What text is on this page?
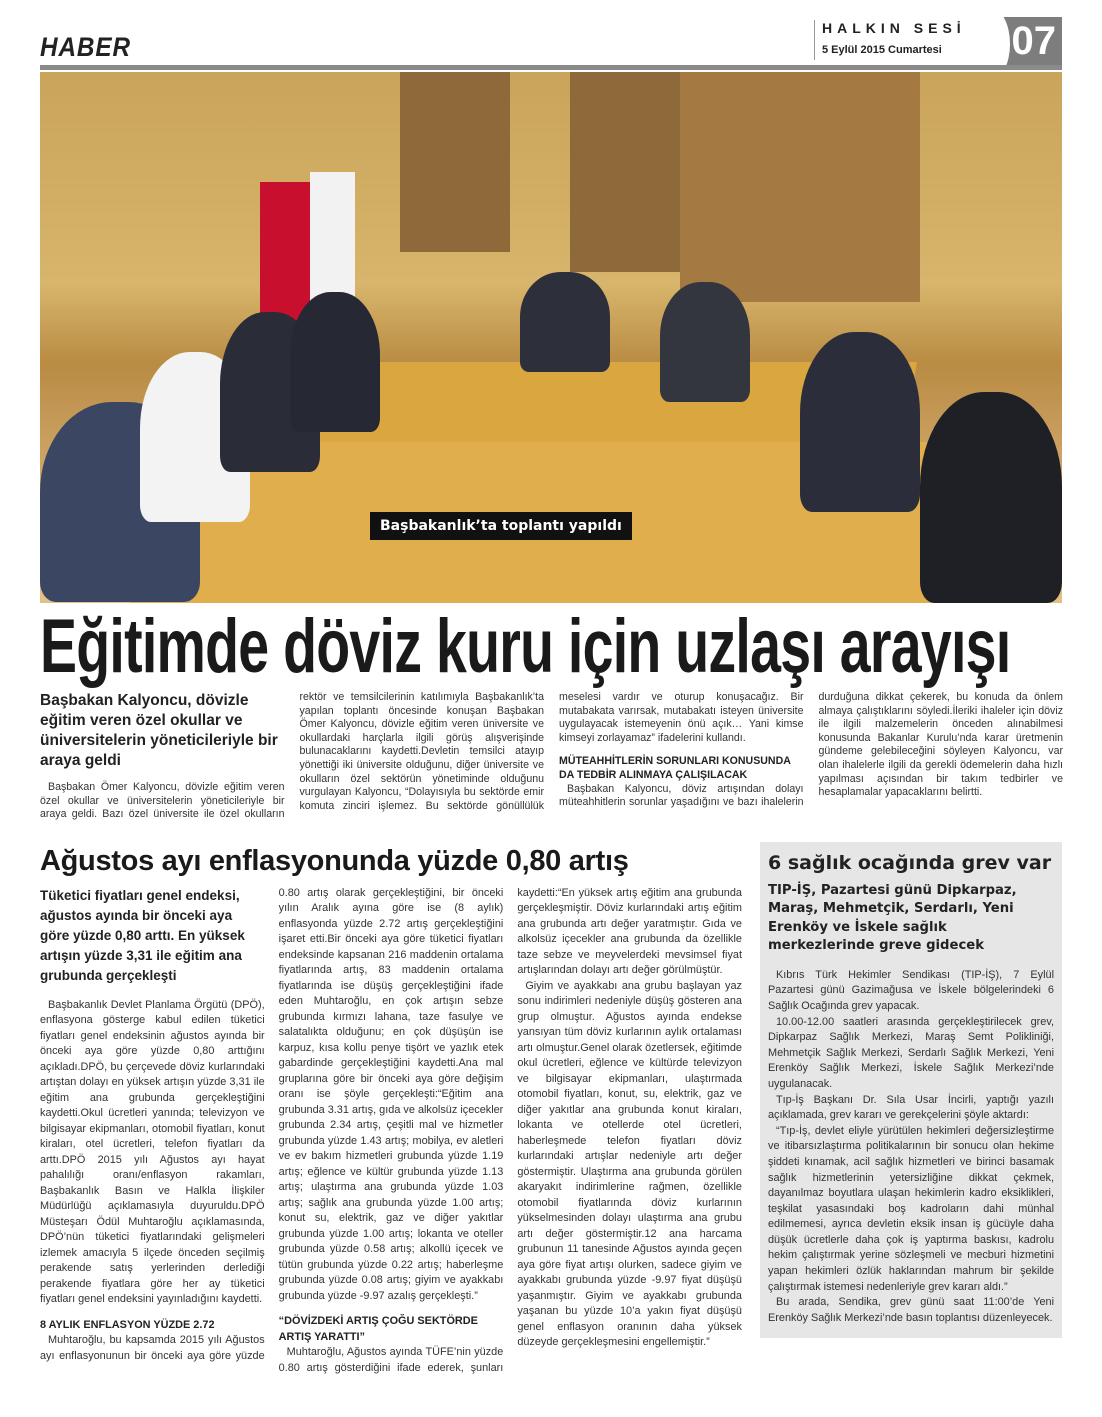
HABER
HALKIN SESİ
5 Eylül 2015 Cumartesi 07
Başbakanlık’ta toplantı yapıldı
Eğitimde döviz kuru için uzlaşı arayışı
Başbakan Kalyoncu, dövizle eğitim veren özel okullar ve üniversitelerin yöneticileriyle bir araya geldi

Başbakan Ömer Kalyoncu, dövizle eğitim veren özel okullar ve üniversitelerin yöneticileriyle bir araya geldi. Bazı özel üniversite ile özel okulların rektör ve temsilcilerinin katılımıyla Başbakanlık’ta yapılan toplantı öncesinde konuşan Başbakan Ömer Kalyoncu, dövizle eğitim veren üniversite ve okullardaki harçlarla ilgili görüş alışverişinde bulunacaklarını kaydetti.Devletin temsilci atayıp yönettiği iki üniversite olduğunu, diğer üniversite ve okulların özel sektörün yönetiminde olduğunu vurgulayan Kalyoncu, “Dolayısıyla bu sektörde emir komuta zinciri işlemez. Bu sektörde gönüllülük meselesi vardır ve oturup konuşacağız. Bir mutabakata varırsak, mutabakatı isteyen üniversite uygulayacak istemeyenin önü açık… Yani kimse kimseyi zorlayamaz” ifadelerini kullandı.

MÜTEAHHİTLERİN SORUNLARI KONUSUNDA DA TEDBİR ALINMAYA ÇALIŞILACAK

Başbakan Kalyoncu, döviz artışından dolayı müteahhitlerin sorunlar yaşadığını ve bazı ihalelerin durduğuna dikkat çekerek, bu konuda da önlem almaya çalıştıklarını söyledi.İleriki ihaleler için döviz ile ilgili malzemelerin önceden alınabilmesi konusunda Bakanlar Kurulu’nda karar üretmenin gündeme gelebileceğini söyleyen Kalyoncu, var olan ihalelerle ilgili da gerekli ödemelerin daha hızlı yapılması açısından bir takım tedbirler ve hesaplamalar yapacaklarını belirtti.

Ağustos ayı enflasyonunda yüzde 0,80 artış
Tüketici fiyatları genel endeksi, ağustos ayında bir önceki aya göre yüzde 0,80 arttı. En yüksek artışın yüzde 3,31 ile eğitim ana grubunda gerçekleşti

Başbakanlık Devlet Planlama Örgütü (DPÖ), enflasyona gösterge kabul edilen tüketici fiyatları genel endeksinin ağustos ayında bir önceki aya göre yüzde 0,80 arttığını açıkladı.DPÖ, bu çerçevede döviz kurlarındaki artıştan dolayı en yüksek artışın yüzde 3,31 ile eğitim ana grubunda gerçekleştiğini kaydetti.Okul ücretleri yanında; televizyon ve bilgisayar ekipmanları, otomobil fiyatları, konut kiraları, otel ücretleri, telefon fiyatları da arttı.DPÖ 2015 yılı Ağustos ayı hayat pahalılığı oranı/enflasyon rakamları, Başbakanlık Basın ve Halkla İlişkiler Müdürlüğü açıklamasıyla duyuruldu.DPÖ Müsteşarı Ödül Muhtaroğlu açıklamasında, DPÖ’nün tüketici fiyatlarındaki gelişmeleri izlemek amacıyla 5 ilçede önceden seçilmiş perakende satış yerlerinden derlediği perakende fiyatlara göre her ay tüketici fiyatları genel endeksini yayınladığını kaydetti.

8 AYLIK ENFLASYON YÜZDE 2.72

Muhtaroğlu, bu kapsamda 2015 yılı Ağustos ayı enflasyonunun bir önceki aya göre yüzde 0.80 artış olarak gerçekleştiğini, bir önceki yılın Aralık ayına göre ise (8 aylık) enflasyonda yüzde 2.72 artış gerçekleştiğini işaret etti.Bir önceki aya göre tüketici fiyatları endeksinde kapsanan 216 maddenin ortalama fiyatlarında artış, 83 maddenin ortalama fiyatlarında ise düşüş gerçekleştiğini ifade eden Muhtaroğlu, en çok artışın sebze grubunda kırmızı lahana, taze fasulye ve salatalıkta olduğunu; en çok düşüşün ise karpuz, kısa kollu penye tişört ve yazlık etek gabardinde gerçekleştiğini kaydetti.Ana mal gruplarına göre bir önceki aya göre değişim oranı ise şöyle gerçekleşti:“Eğitim ana grubunda 3.31 artış, gıda ve alkolsüz içecekler grubunda 2.34 artış, çeşitli mal ve hizmetler grubunda yüzde 1.43 artış; mobilya, ev aletleri ve ev bakım hizmetleri grubunda yüzde 1.19 artış; eğlence ve kültür grubunda yüzde 1.13 artış; ulaştırma ana grubunda yüzde 1.03 artış; sağlık ana grubunda yüzde 1.00 artış; konut su, elektrik, gaz ve diğer yakıtlar grubunda yüzde 1.00 artış; lokanta ve oteller grubunda yüzde 0.58 artış; alkollü içecek ve tütün grubunda yüzde 0.22 artış; haberleşme grubunda yüzde 0.08 artış; giyim ve ayakkabı grubunda yüzde -9.97 azalış gerçekleşti.”

“DÖVİZDEKİ ARTIŞ ÇOĞU SEKTÖRDE ARTIŞ YARATTI”

Muhtaroğlu, Ağustos ayında TÜFE’nin yüzde 0.80 artış gösterdiğini ifade ederek, şunları kaydetti:“En yüksek artış eğitim ana grubunda gerçekleşmiştir. Döviz kurlarındaki artış eğitim ana grubunda artı değer yaratmıştır. Gıda ve alkolsüz içecekler ana grubunda da özellikle taze sebze ve meyvelerdeki mevsimsel fiyat artışlarından dolayı artı değer görülmüştür.

Giyim ve ayakkabı ana grubu başlayan yaz sonu indirimleri nedeniyle düşüş gösteren ana grup olmuştur. Ağustos ayında endekse yansıyan tüm döviz kurlarının aylık ortalaması artı olmuştur.Genel olarak özetlersek, eğitimde okul ücretleri, eğlence ve kültürde televizyon ve bilgisayar ekipmanları, ulaştırmada otomobil fiyatları, konut, su, elektrik, gaz ve diğer yakıtlar ana grubunda konut kiraları, lokanta ve otellerde otel ücretleri, haberleşmede telefon fiyatları döviz kurlarındaki artışlar nedeniyle artı değer göstermiştir. Ulaştırma ana grubunda görülen akaryakıt indirimlerine rağmen, özellikle otomobil fiyatlarında döviz kurlarının yükselmesinden dolayı ulaştırma ana grubu artı değer göstermiştir.12 ana harcama grubunun 11 tanesinde Ağustos ayında geçen aya göre fiyat artışı olurken, sadece giyim ve ayakkabı grubunda yüzde -9.97 fiyat düşüşü yaşanmıştır. Giyim ve ayakkabı grubunda yaşanan bu yüzde 10’a yakın fiyat düşüşü genel enflasyon oranının daha yüksek düzeyde gerçekleşmesini engellemiştir.”

6 sağlık ocağında grev var
TIP-İŞ, Pazartesi günü Dipkarpaz, Maraş, Mehmetçik, Serdarlı, Yeni Erenköy ve İskele sağlık merkezlerinde greve gidecek

Kıbrıs Türk Hekimler Sendikası (TIP-İŞ), 7 Eylül Pazartesi günü Gazimağusa ve İskele bölgelerindeki 6 Sağlık Ocağında grev yapacak.

10.00-12.00 saatleri arasında gerçekleştirilecek grev, Dipkarpaz Sağlık Merkezi, Maraş Semt Polikliniği, Mehmetçik Sağlık Merkezi, Serdarlı Sağlık Merkezi, Yeni Erenköy Sağlık Merkezi, İskele Sağlık Merkezi’nde uygulanacak.

Tıp-İş Başkanı Dr. Sıla Usar İncirli, yaptığı yazılı açıklamada, grev kararı ve gerekçelerini şöyle aktardı:

“Tıp-İş, devlet eliyle yürütülen hekimleri değersizleştirme ve itibarsızlaştırma politikalarının bir sonucu olan hekime şiddeti kınamak, acil sağlık hizmetleri ve birinci basamak sağlık hizmetlerinin yetersizliğine dikkat çekmek, dayanılmaz boyutlara ulaşan hekimlerin kadro eksiklikleri, teşkilat yasasındaki boş kadroların dahi münhal edilmemesi, ayrıca devletin eksik insan iş gücüyle daha düşük ücretlerle daha çok iş yaptırma baskısı, kadrolu hekim çalıştırmak yerine sözleşmeli ve mecburi hizmetini yapan hekimleri özlük haklarından mahrum bir şekilde çalıştırmak istemesi nedenleriyle grev kararı aldı.”

Bu arada, Sendika, grev günü saat 11:00’de Yeni Erenköy Sağlık Merkezi’nde basın toplantısı düzenleyecek.
